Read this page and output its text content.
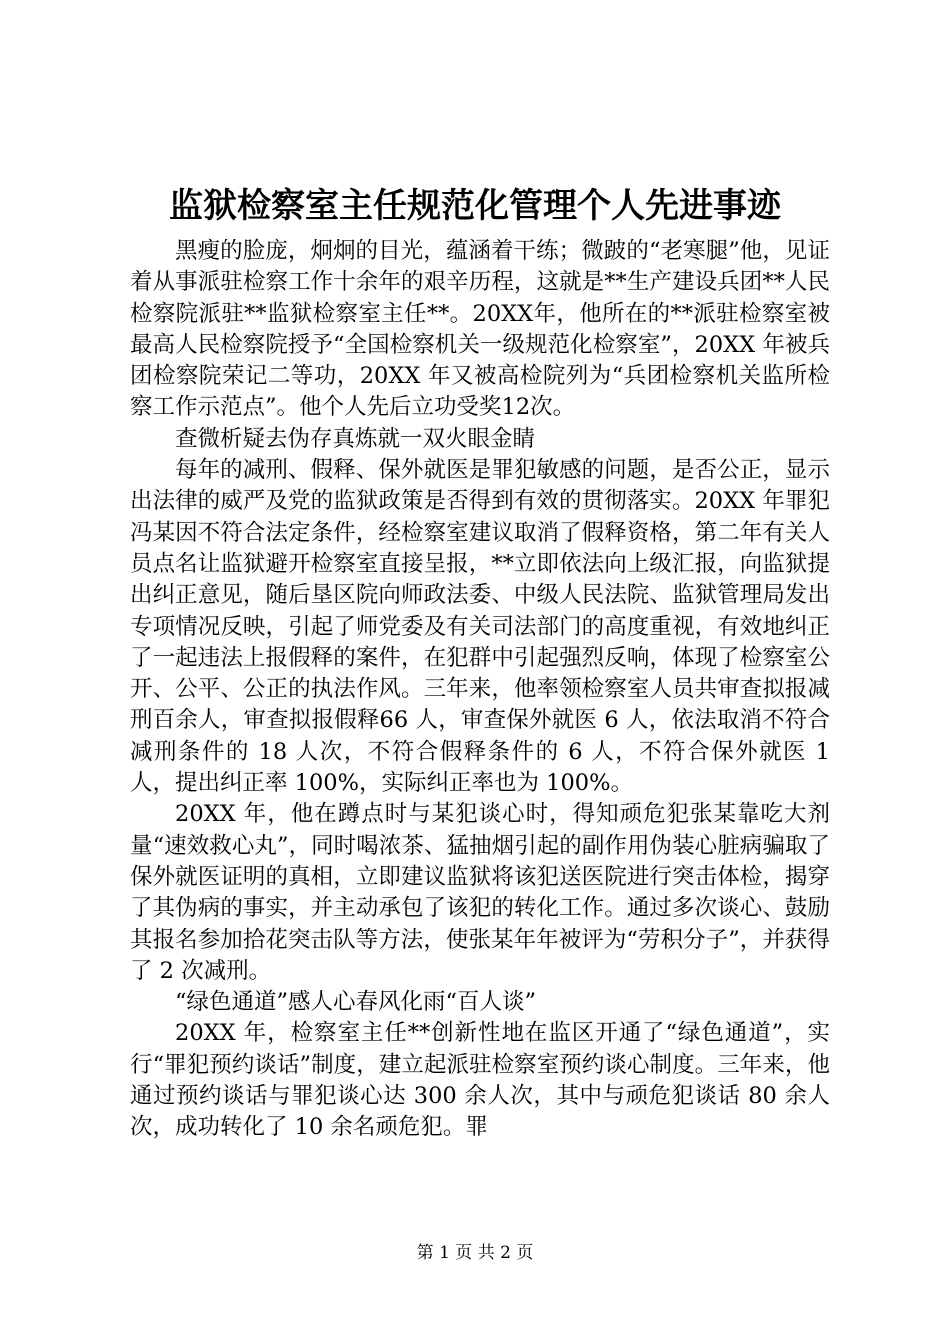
监狱检察室主任规范化管理个人先进事迹

黑瘦的脸庞，炯炯的目光，蕴涵着干练；微跛的“老寒腿”他，见证着从事派驻检察工作十余年的艰辛历程，这就是**生产建设兵团**人民检察院派驻**监狱检察室主任**。20XX年，他所在的**派驻检察室被最高人民检察院授予“全国检察机关一级规范化检察室”，20XX 年被兵团检察院荣记二等功，20XX 年又被高检院列为“兵团检察机关监所检察工作示范点”。他个人先后立功受奖12次。

查微析疑去伪存真炼就一双火眼金睛

每年的减刑、假释、保外就医是罪犯敏感的问题，是否公正，显示出法律的威严及党的监狱政策是否得到有效的贯彻落实。20XX 年罪犯冯某因不符合法定条件，经检察室建议取消了假释资格，第二年有关人员点名让监狱避开检察室直接呈报，**立即依法向上级汇报，向监狱提出纠正意见，随后垦区院向师政法委、中级人民法院、监狱管理局发出专项情况反映，引起了师党委及有关司法部门的高度重视，有效地纠正了一起违法上报假释的案件，在犯群中引起强烈反响，体现了检察室公开、公平、公正的执法作风。三年来，他率领检察室人员共审查拟报减刑百余人，审查拟报假释66 人，审查保外就医 6 人，依法取消不符合减刑条件的 18 人次，不符合假释条件的 6 人，不符合保外就医 1 人，提出纠正率 100%，实际纠正率也为 100%。

20XX 年，他在蹲点时与某犯谈心时，得知顽危犯张某靠吃大剂量“速效救心丸”，同时喝浓茶、猛抽烟引起的副作用伪装心脏病骗取了保外就医证明的真相，立即建议监狱将该犯送医院进行突击体检，揭穿了其伪病的事实，并主动承包了该犯的转化工作。通过多次谈心、鼓励其报名参加拾花突击队等方法，使张某年年被评为“劳积分子”，并获得了 2 次减刑。

“绿色通道”感人心春风化雨“百人谈”

20XX 年，检察室主任**创新性地在监区开通了“绿色通道”，实行“罪犯预约谈话”制度，建立起派驻检察室预约谈心制度。三年来，他通过预约谈话与罪犯谈心达 300 余人次，其中与顽危犯谈话 80 余人次，成功转化了 10 余名顽危犯。罪

第 1 页 共 2 页
